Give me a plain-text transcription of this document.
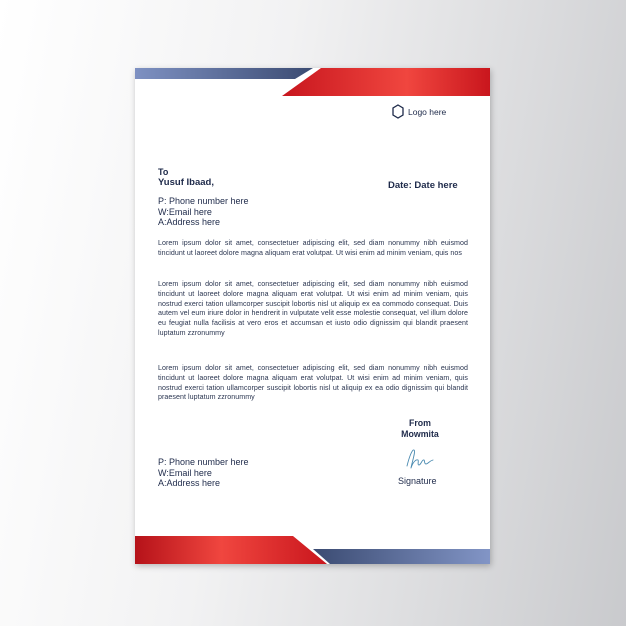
Logo here
To
Yusuf Ibaad,	Date: Date here
P: Phone number here
W:Email here
A:Address here
Lorem ipsum dolor sit amet, consectetuer adipiscing elit, sed diam nonummy nibh euismod tincidunt ut laoreet dolore magna aliquam erat volutpat. Ut wisi enim ad minim veniam, quis nos
Lorem ipsum dolor sit amet, consectetuer adipiscing elit, sed diam nonummy nibh euismod tincidunt ut laoreet dolore magna aliquam erat volutpat. Ut wisi enim ad minim veniam, quis nostrud exerci tation ullamcorper suscipit lobortis nisl ut aliquip ex ea commodo consequat. Duis autem vel eum iriure dolor in hendrerit in vulputate velit esse molestie consequat, vel illum dolore eu feugiat nulla facilisis at vero eros et accumsan et iusto odio dignissim qui blandit praesent luptatum zzronummy
Lorem ipsum dolor sit amet, consectetuer adipiscing elit, sed diam nonummy nibh euismod tincidunt ut laoreet dolore magna aliquam erat volutpat. Ut wisi enim ad minim veniam, quis nostrud exerci tation ullamcorper suscipit lobortis nisl ut aliquip ex ea odio dignissim qui blandit praesent luptatum zzronummy
From
Mowmita
Signature
P: Phone number here
W:Email here
A:Address here
